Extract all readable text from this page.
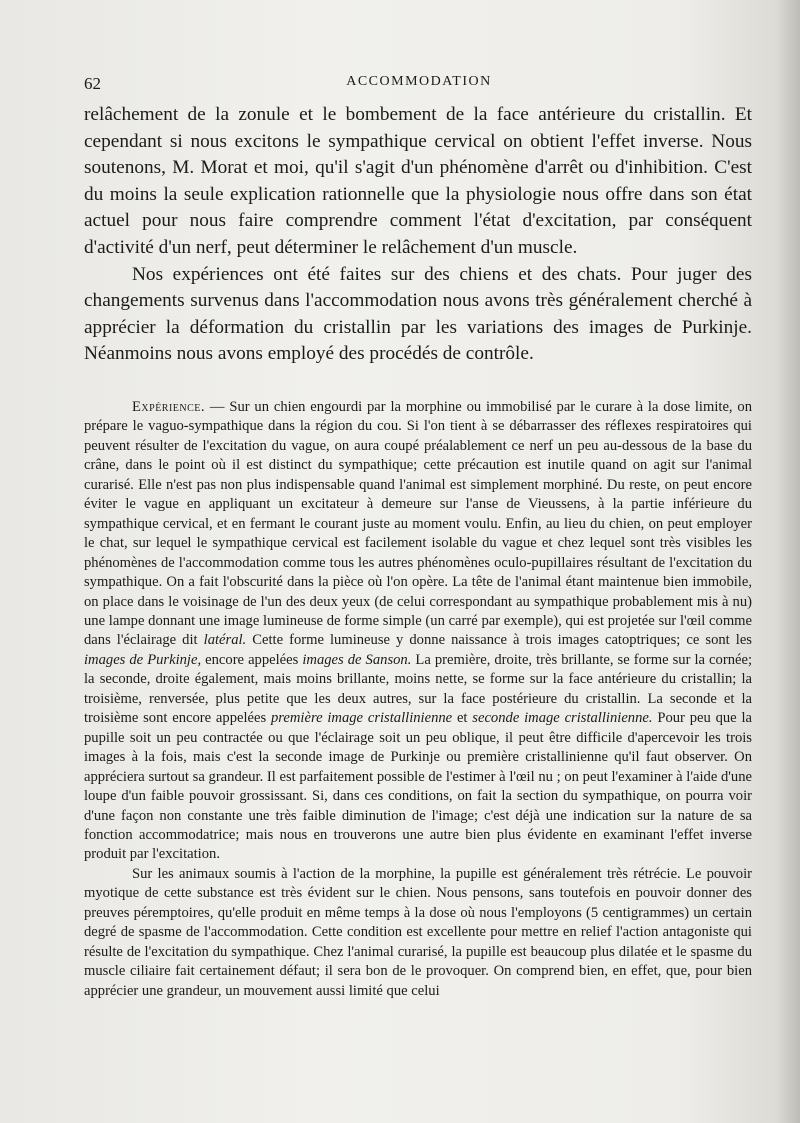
62	ACCOMMODATION

relâchement de la zonule et le bombement de la face antérieure du cristallin. Et cependant si nous excitons le sympathique cervical on obtient l'effet inverse. Nous soutenons, M. Morat et moi, qu'il s'agit d'un phénomène d'arrêt ou d'inhibition. C'est du moins la seule explication rationnelle que la physiologie nous offre dans son état actuel pour nous faire comprendre comment l'état d'excitation, par conséquent d'activité d'un nerf, peut déterminer le relâchement d'un muscle.

Nos expériences ont été faites sur des chiens et des chats. Pour juger des changements survenus dans l'accommodation nous avons très généralement cherché à apprécier la déformation du cristallin par les variations des images de Purkinje. Néanmoins nous avons employé des procédés de contrôle.

Expérience. — Sur un chien engourdi par la morphine ou immobilisé par le curare à la dose limite, on prépare le vaguo-sympathique dans la région du cou. Si l'on tient à se débarrasser des réflexes respiratoires qui peuvent résulter de l'excitation du vague, on aura coupé préalablement ce nerf un peu au-dessous de la base du crâne, dans le point où il est distinct du sympathique; cette précaution est inutile quand on agit sur l'animal curarisé. Elle n'est pas non plus indispensable quand l'animal est simplement morphiné. Du reste, on peut encore éviter le vague en appliquant un excitateur à demeure sur l'anse de Vieussens, à la partie inférieure du sympathique cervical, et en fermant le courant juste au moment voulu. Enfin, au lieu du chien, on peut employer le chat, sur lequel le sympathique cervical est facilement isolable du vague et chez lequel sont très visibles les phénomènes de l'accommodation comme tous les autres phénomènes oculo-pupillaires résultant de l'excitation du sympathique. On a fait l'obscurité dans la pièce où l'on opère. La tête de l'animal étant maintenue bien immobile, on place dans le voisinage de l'un des deux yeux (de celui correspondant au sympathique probablement mis à nu) une lampe donnant une image lumineuse de forme simple (un carré par exemple), qui est projetée sur l'œil comme dans l'éclairage dit latéral. Cette forme lumineuse y donne naissance à trois images catoptriques; ce sont les images de Purkinje, encore appelées images de Sanson. La première, droite, très brillante, se forme sur la cornée; la seconde, droite également, mais moins brillante, moins nette, se forme sur la face antérieure du cristallin; la troisième, renversée, plus petite que les deux autres, sur la face postérieure du cristallin. La seconde et la troisième sont encore appelées première image cristallinienne et seconde image cristallinienne. Pour peu que la pupille soit un peu contractée ou que l'éclairage soit un peu oblique, il peut être difficile d'apercevoir les trois images à la fois, mais c'est la seconde image de Purkinje ou première cristallinienne qu'il faut observer. On appréciera surtout sa grandeur. Il est parfaitement possible de l'estimer à l'œil nu ; on peut l'examiner à l'aide d'une loupe d'un faible pouvoir grossissant. Si, dans ces conditions, on fait la section du sympathique, on pourra voir d'une façon non constante une très faible diminution de l'image; c'est déjà une indication sur la nature de sa fonction accommodatrice; mais nous en trouverons une autre bien plus évidente en examinant l'effet inverse produit par l'excitation.

Sur les animaux soumis à l'action de la morphine, la pupille est généralement très rétrécie. Le pouvoir myotique de cette substance est très évident sur le chien. Nous pensons, sans toutefois en pouvoir donner des preuves péremptoires, qu'elle produit en même temps à la dose où nous l'employons (5 centigrammes) un certain degré de spasme de l'accommodation. Cette condition est excellente pour mettre en relief l'action antagoniste qui résulte de l'excitation du sympathique. Chez l'animal curarisé, la pupille est beaucoup plus dilatée et le spasme du muscle ciliaire fait certainement défaut; il sera bon de le provoquer. On comprend bien, en effet, que, pour bien apprécier une grandeur, un mouvement aussi limité que celui
